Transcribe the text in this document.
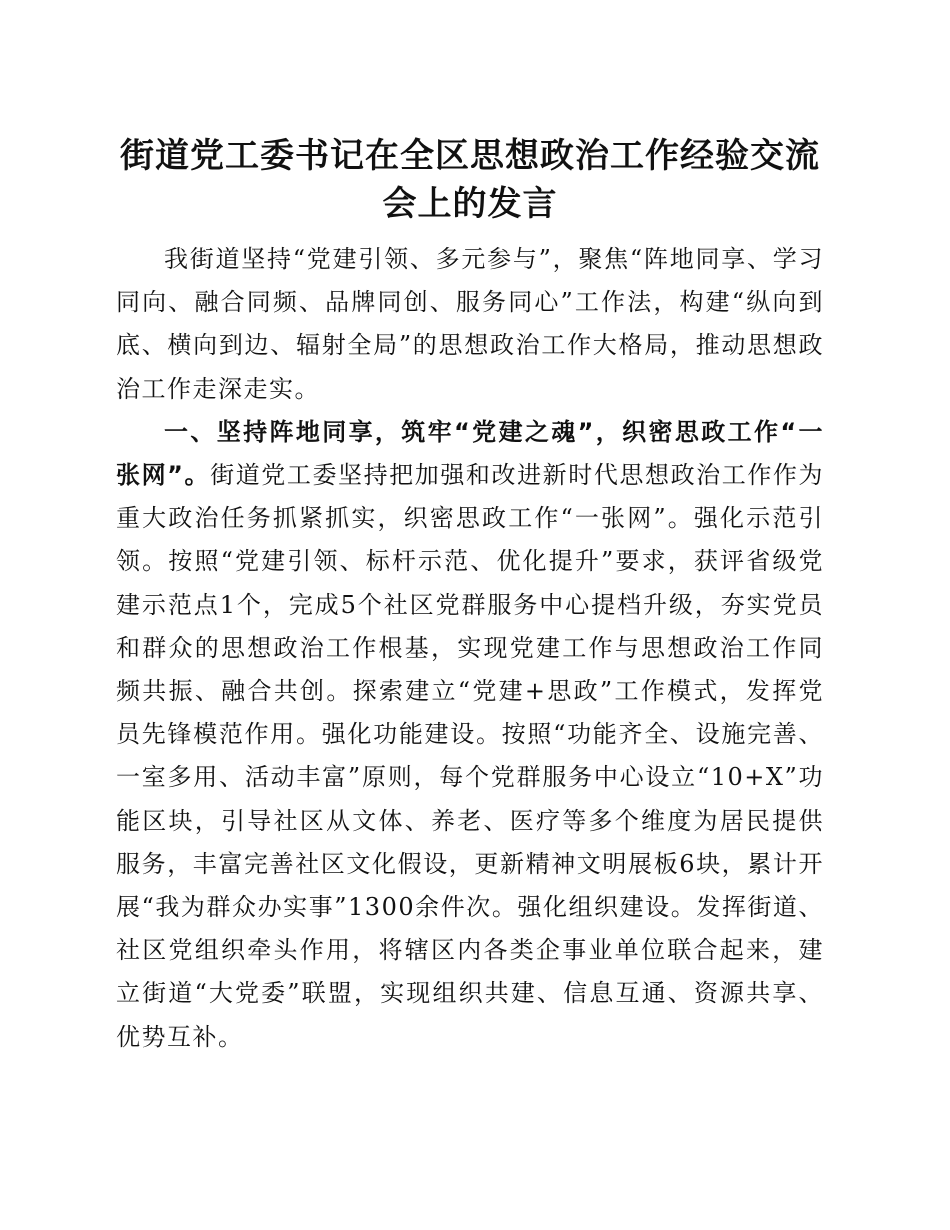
街道党工委书记在全区思想政治工作经验交流会上的发言

我街道坚持“党建引领、多元参与”，聚焦“阵地同享、学习同向、融合同频、品牌同创、服务同心”工作法，构建“纵向到底、横向到边、辐射全局”的思想政治工作大格局，推动思想政治工作走深走实。

一、坚持阵地同享，筑牢“党建之魂”，织密思政工作“一张网”。街道党工委坚持把加强和改进新时代思想政治工作作为重大政治任务抓紧抓实，织密思政工作“一张网”。强化示范引领。按照“党建引领、标杆示范、优化提升”要求，获评省级党建示范点1个，完成5个社区党群服务中心提档升级，夯实党员和群众的思想政治工作根基，实现党建工作与思想政治工作同频共振、融合共创。探索建立“党建+思政”工作模式，发挥党员先锋模范作用。强化功能建设。按照“功能齐全、设施完善、一室多用、活动丰富”原则，每个党群服务中心设立“10+X”功能区块，引导社区从文体、养老、医疗等多个维度为居民提供服务，丰富完善社区文化假设，更新精神文明展板6块，累计开展“我为群众办实事”1300余件次。强化组织建设。发挥街道、社区党组织牵头作用，将辖区内各类企事业单位联合起来，建立街道“大党委”联盟，实现组织共建、信息互通、资源共享、优势互补。
